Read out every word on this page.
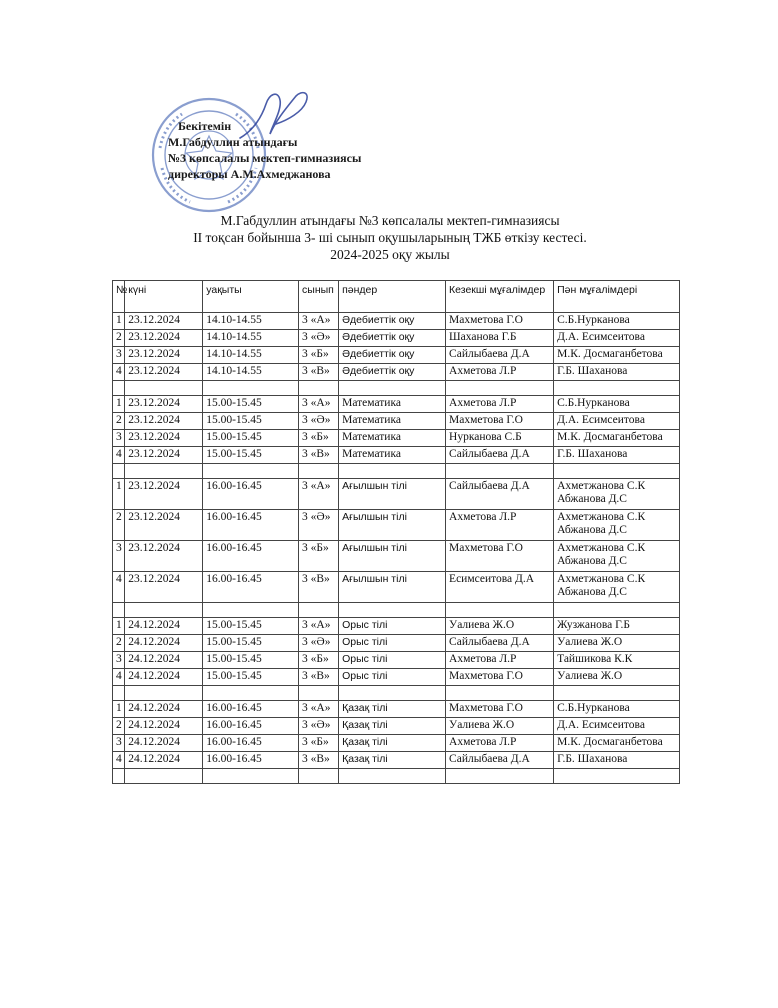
Бекітемін
М.Габдуллин атындағы
№3 көпсалалы мектеп-гимназиясы
директоры А.М.Ахмеджанова
М.Габдуллин атындағы №3 көпсалалы мектеп-гимназиясы
ІІ тоқсан бойынша 3- ші сынып оқушыларының ТЖБ өткізу кестесі.
2024-2025 оқу жылы
№	күні	уақыты	сынып	пәндер	Кезекші мұғалімдер	Пән мұғалімдері
1	23.12.2024	14.10-14.55	3 «А»	Әдебиеттік оқу	Махметова Г.О	С.Б.Нурканова
2	23.12.2024	14.10-14.55	3 «Ә»	Әдебиеттік оқу	Шаханова Г.Б	Д.А. Есимсеитова
3	23.12.2024	14.10-14.55	3 «Б»	Әдебиеттік оқу	Сайлыбаева Д.А	М.К. Досмаганбетова
4	23.12.2024	14.10-14.55	3 «В»	Әдебиеттік оқу	Ахметова Л.Р	Г.Б. Шаханова

1	23.12.2024	15.00-15.45	3 «А»	Математика	Ахметова Л.Р	С.Б.Нурканова
2	23.12.2024	15.00-15.45	3 «Ә»	Математика	Махметова Г.О	Д.А. Есимсеитова
3	23.12.2024	15.00-15.45	3 «Б»	Математика	Нурканова С.Б	М.К. Досмаганбетова
4	23.12.2024	15.00-15.45	3 «В»	Математика	Сайлыбаева Д.А	Г.Б. Шаханова

1	23.12.2024	16.00-16.45	3 «А»	Ағылшын тілі	Сайлыбаева Д.А	Ахметжанова С.К Абжанова Д.С
2	23.12.2024	16.00-16.45	3 «Ә»	Ағылшын тілі	Ахметова Л.Р	Ахметжанова С.К Абжанова Д.С
3	23.12.2024	16.00-16.45	3 «Б»	Ағылшын тілі	Махметова Г.О	Ахметжанова С.К Абжанова Д.С
4	23.12.2024	16.00-16.45	3 «В»	Ағылшын тілі	Есимсеитова Д.А	Ахметжанова С.К Абжанова Д.С

1	24.12.2024	15.00-15.45	3 «А»	Орыс тілі	Уалиева Ж.О	Жузжанова Г.Б
2	24.12.2024	15.00-15.45	3 «Ә»	Орыс тілі	Сайлыбаева Д.А	Уалиева Ж.О
3	24.12.2024	15.00-15.45	3 «Б»	Орыс тілі	Ахметова Л.Р	Тайшикова К.К
4	24.12.2024	15.00-15.45	3 «В»	Орыс тілі	Махметова Г.О	Уалиева Ж.О

1	24.12.2024	16.00-16.45	3 «А»	Қазақ тілі	Махметова Г.О	С.Б.Нурканова
2	24.12.2024	16.00-16.45	3 «Ә»	Қазақ тілі	Уалиева Ж.О	Д.А. Есимсеитова
3	24.12.2024	16.00-16.45	3 «Б»	Қазақ тілі	Ахметова Л.Р	М.К. Досмаганбетова
4	24.12.2024	16.00-16.45	3 «В»	Қазақ тілі	Сайлыбаева Д.А	Г.Б. Шаханова
